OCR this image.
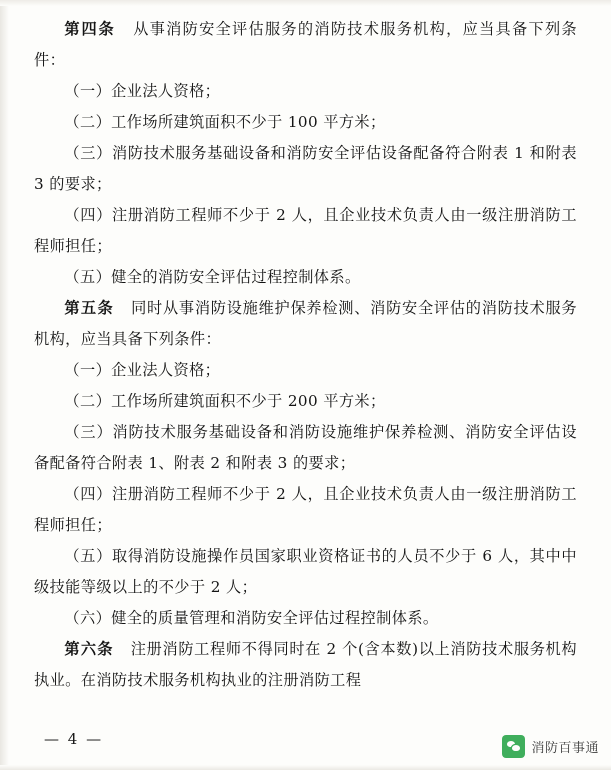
第四条 从事消防安全评估服务的消防技术服务机构，应当具备下列条件：

（一）企业法人资格；

（二）工作场所建筑面积不少于 100 平方米；

（三）消防技术服务基础设备和消防安全评估设备配备符合附表 1 和附表 3 的要求；

（四）注册消防工程师不少于 2 人，且企业技术负责人由一级注册消防工程师担任；

（五）健全的消防安全评估过程控制体系。

第五条 同时从事消防设施维护保养检测、消防安全评估的消防技术服务机构，应当具备下列条件：

（一）企业法人资格；

（二）工作场所建筑面积不少于 200 平方米；

（三）消防技术服务基础设备和消防设施维护保养检测、消防安全评估设备配备符合附表 1、附表 2 和附表 3 的要求；

（四）注册消防工程师不少于 2 人，且企业技术负责人由一级注册消防工程师担任；

（五）取得消防设施操作员国家职业资格证书的人员不少于 6 人，其中中级技能等级以上的不少于 2 人；

（六）健全的质量管理和消防安全评估过程控制体系。

第六条 注册消防工程师不得同时在 2 个(含本数)以上消防技术服务机构执业。在消防技术服务机构执业的注册消防工程

— 4 —
消防百事通
